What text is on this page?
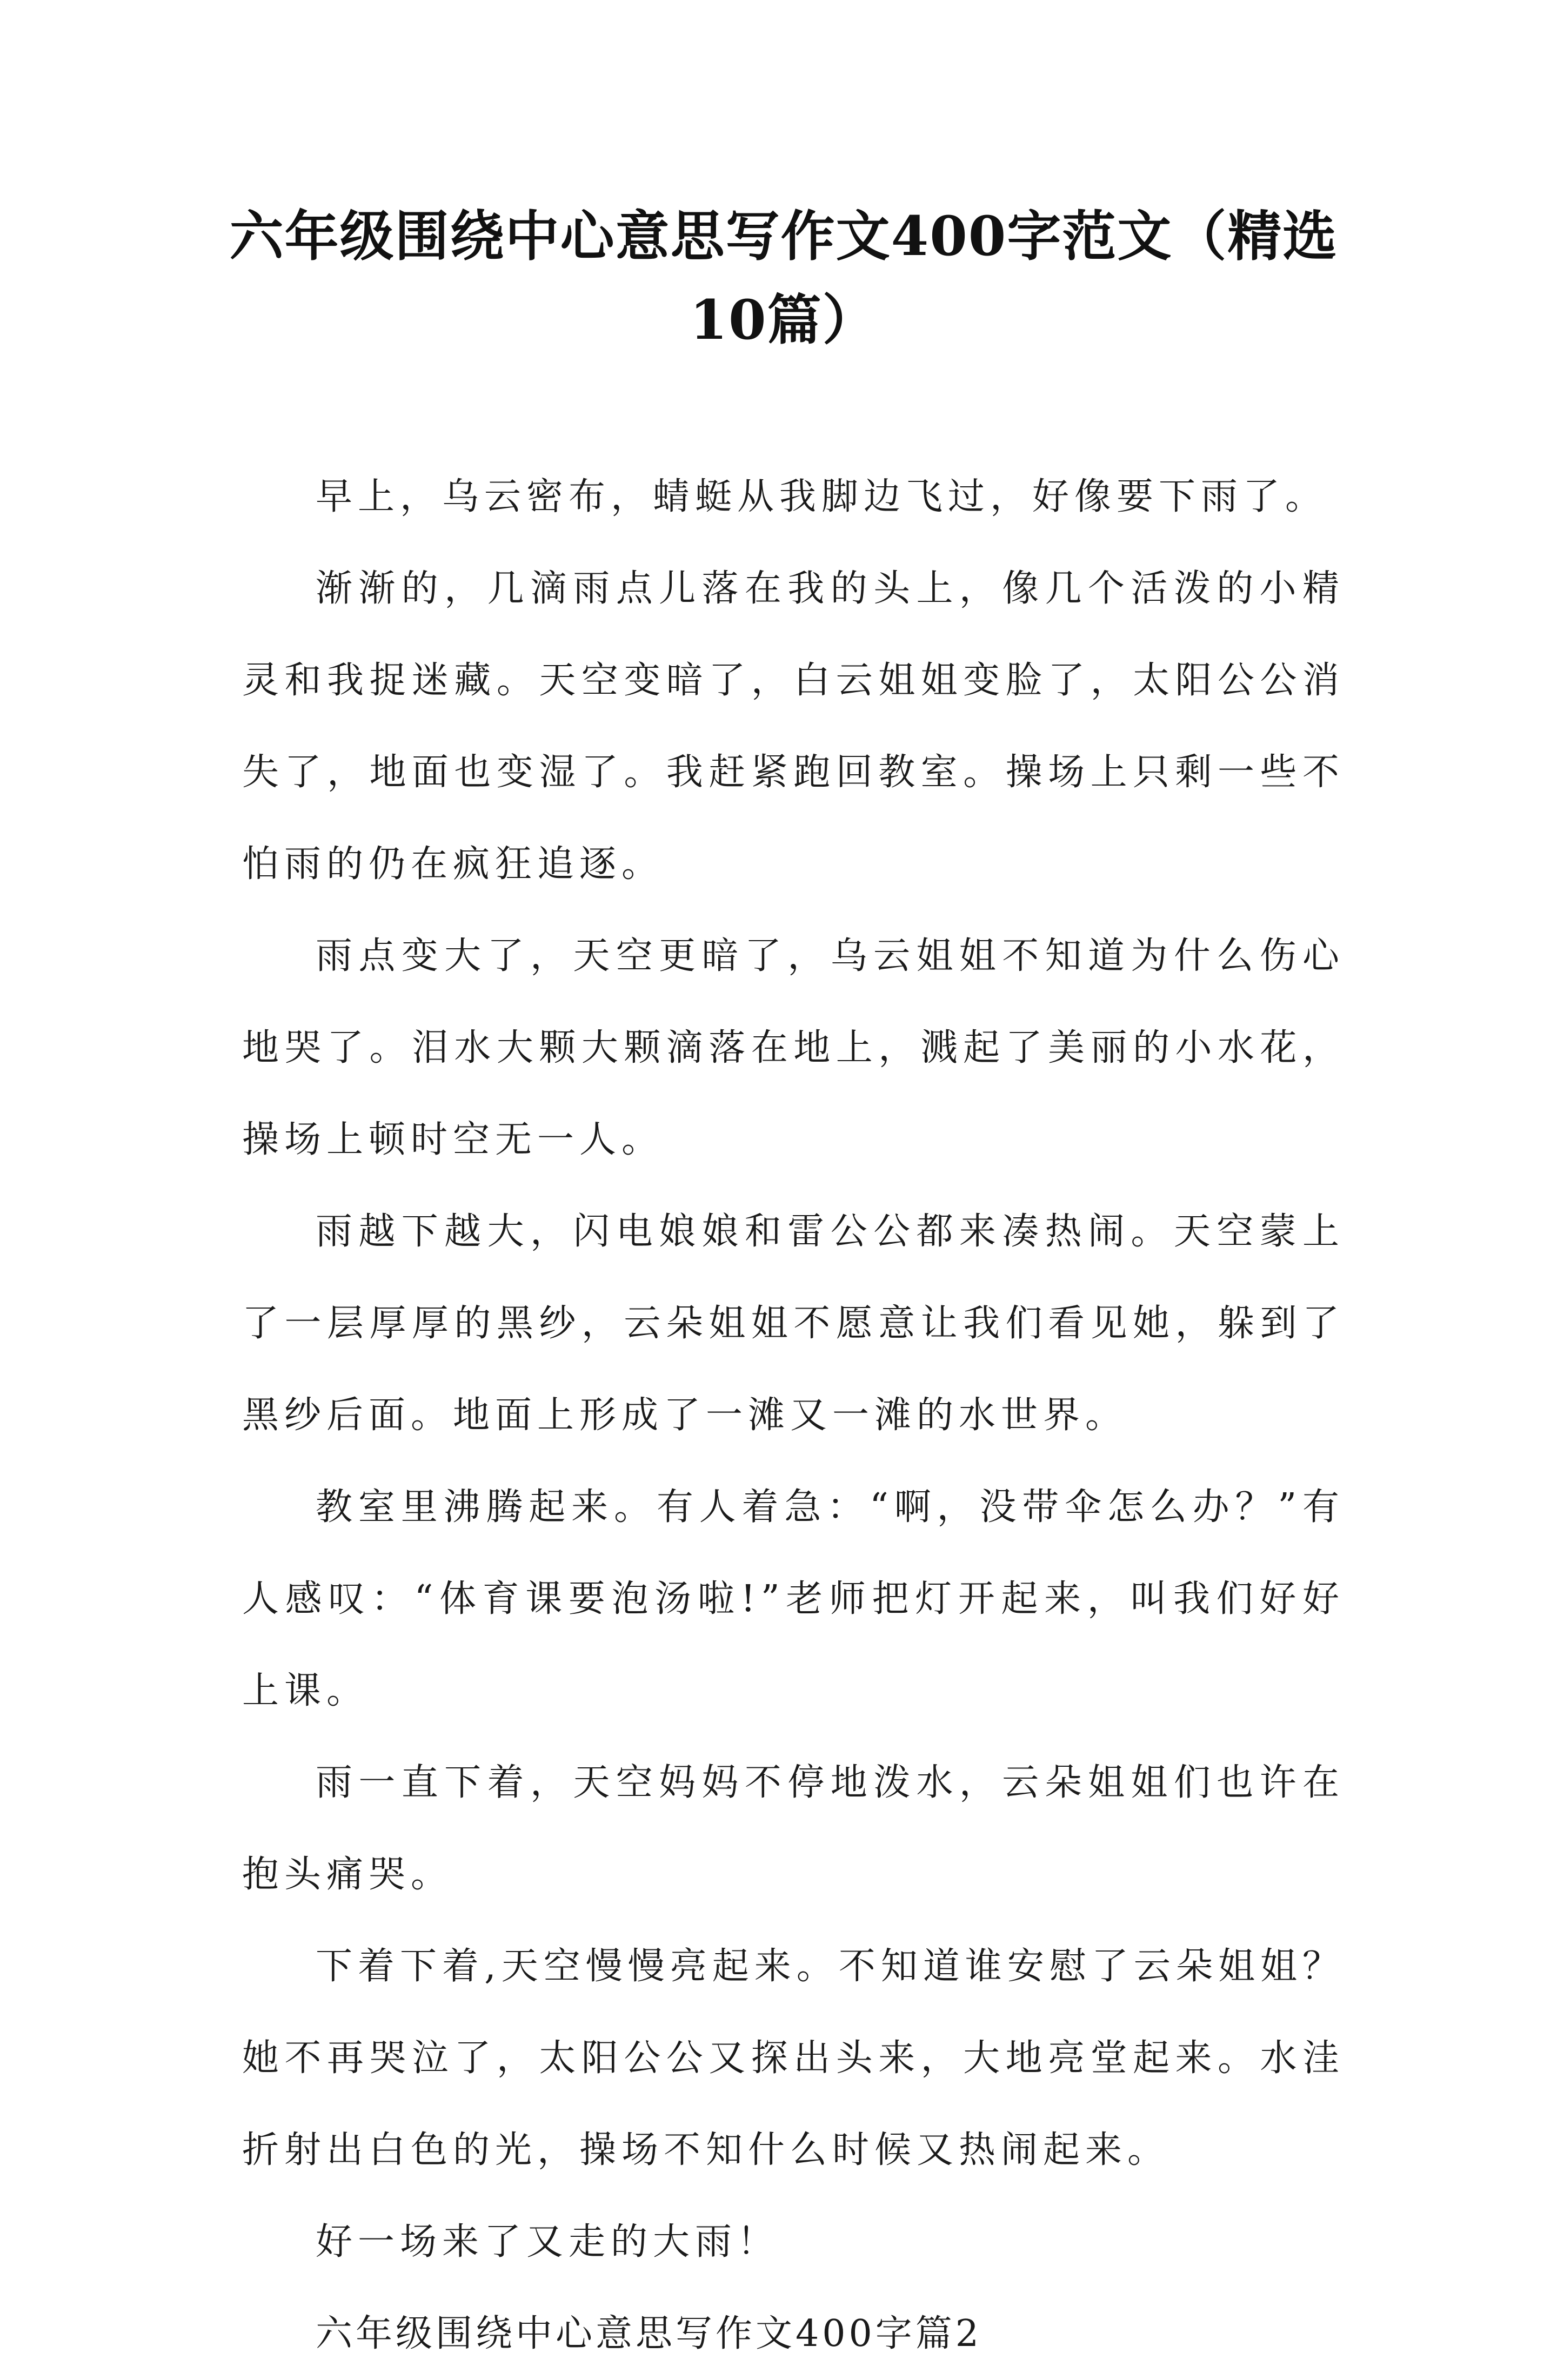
六年级围绕中心意思写作文400字范文（精选10篇）

早上，乌云密布，蜻蜓从我脚边飞过，好像要下雨了。

渐渐的，几滴雨点儿落在我的头上，像几个活泼的小精灵和我捉迷藏。天空变暗了，白云姐姐变脸了，太阳公公消失了，地面也变湿了。我赶紧跑回教室。操场上只剩一些不怕雨的仍在疯狂追逐。

雨点变大了，天空更暗了，乌云姐姐不知道为什么伤心地哭了。泪水大颗大颗滴落在地上，溅起了美丽的小水花，操场上顿时空无一人。

雨越下越大，闪电娘娘和雷公公都来凑热闹。天空蒙上了一层厚厚的黑纱，云朵姐姐不愿意让我们看见她，躲到了黑纱后面。地面上形成了一滩又一滩的水世界。

教室里沸腾起来。有人着急：“啊，没带伞怎么办？”有人感叹：“体育课要泡汤啦!”老师把灯开起来，叫我们好好上课。

雨一直下着，天空妈妈不停地泼水，云朵姐姐们也许在抱头痛哭。

下着下着,天空慢慢亮起来。不知道谁安慰了云朵姐姐？她不再哭泣了，太阳公公又探出头来，大地亮堂起来。水洼折射出白色的光，操场不知什么时候又热闹起来。

好一场来了又走的大雨！

六年级围绕中心意思写作文400字篇2
